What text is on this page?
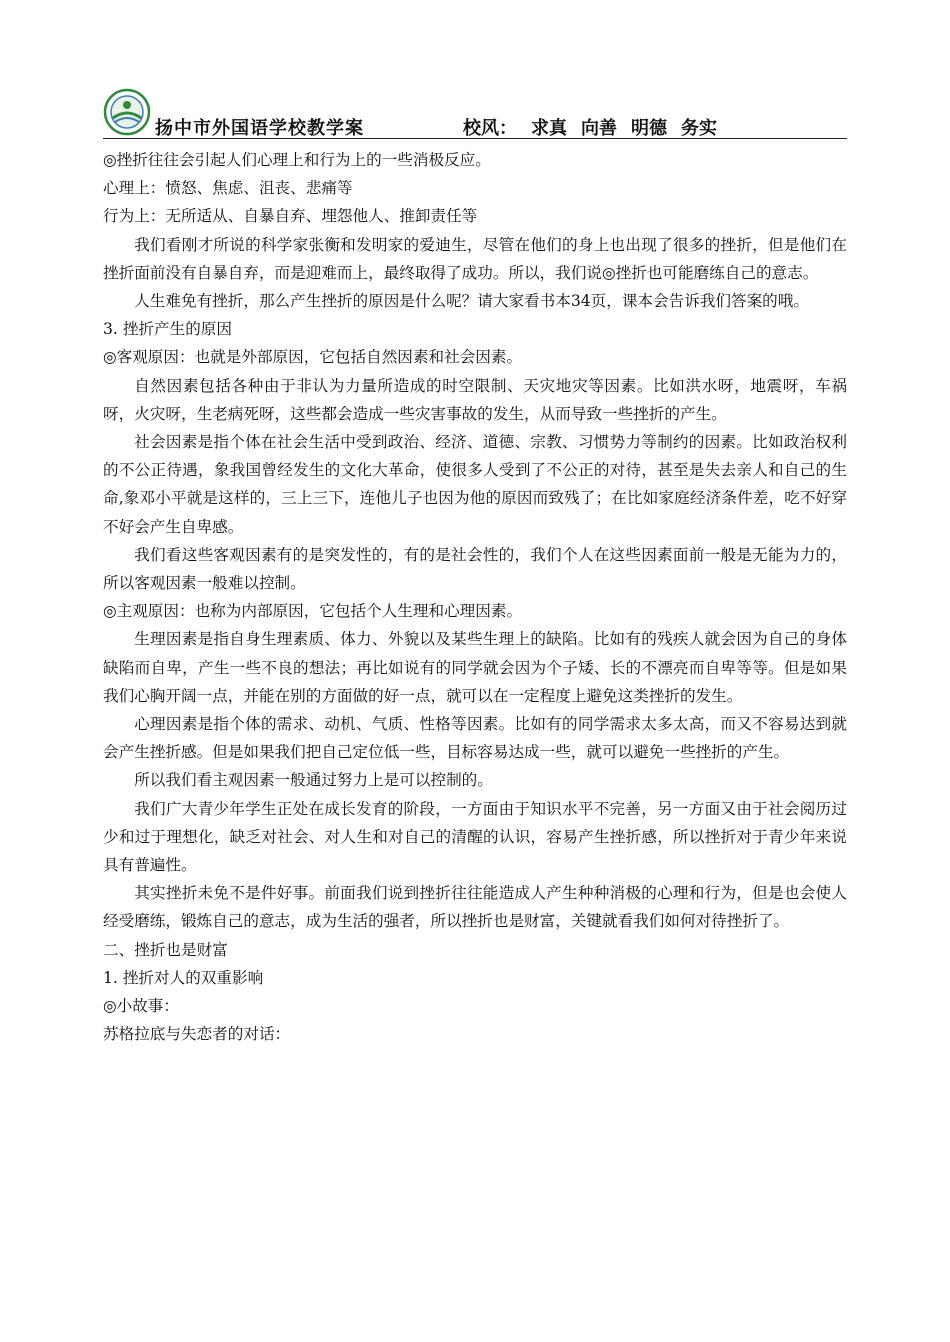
扬中市外国语学校教学案	校风： 求真 向善 明德 务实

◎挫折往往会引起人们心理上和行为上的一些消极反应。

心理上：愤怒、焦虑、沮丧、悲痛等

行为上：无所适从、自暴自弃、埋怨他人、推卸责任等

我们看刚才所说的科学家张衡和发明家的爱迪生，尽管在他们的身上也出现了很多的挫折，但是他们在挫折面前没有自暴自弃，而是迎难而上，最终取得了成功。所以，我们说◎挫折也可能磨练自己的意志。

人生难免有挫折，那么产生挫折的原因是什么呢？请大家看书本34页，课本会告诉我们答案的哦。

3. 挫折产生的原因

◎客观原因：也就是外部原因，它包括自然因素和社会因素。

自然因素包括各种由于非认为力量所造成的时空限制、天灾地灾等因素。比如洪水呀，地震呀，车祸呀，火灾呀，生老病死呀，这些都会造成一些灾害事故的发生，从而导致一些挫折的产生。

社会因素是指个体在社会生活中受到政治、经济、道德、宗教、习惯势力等制约的因素。比如政治权利的不公正待遇，象我国曾经发生的文化大革命，使很多人受到了不公正的对待，甚至是失去亲人和自己的生命,象邓小平就是这样的，三上三下，连他儿子也因为他的原因而致残了；在比如家庭经济条件差，吃不好穿不好会产生自卑感。

我们看这些客观因素有的是突发性的，有的是社会性的，我们个人在这些因素面前一般是无能为力的，所以客观因素一般难以控制。

◎主观原因：也称为内部原因，它包括个人生理和心理因素。

生理因素是指自身生理素质、体力、外貌以及某些生理上的缺陷。比如有的残疾人就会因为自己的身体缺陷而自卑，产生一些不良的想法；再比如说有的同学就会因为个子矮、长的不漂亮而自卑等等。但是如果我们心胸开阔一点，并能在别的方面做的好一点，就可以在一定程度上避免这类挫折的发生。

心理因素是指个体的需求、动机、气质、性格等因素。比如有的同学需求太多太高，而又不容易达到就会产生挫折感。但是如果我们把自己定位低一些，目标容易达成一些，就可以避免一些挫折的产生。

所以我们看主观因素一般通过努力上是可以控制的。

我们广大青少年学生正处在成长发育的阶段，一方面由于知识水平不完善，另一方面又由于社会阅历过少和过于理想化，缺乏对社会、对人生和对自己的清醒的认识，容易产生挫折感，所以挫折对于青少年来说具有普遍性。

其实挫折未免不是件好事。前面我们说到挫折往往能造成人产生种种消极的心理和行为，但是也会使人经受磨练，锻炼自己的意志，成为生活的强者，所以挫折也是财富，关键就看我们如何对待挫折了。

二、挫折也是财富

1. 挫折对人的双重影响

◎小故事：

苏格拉底与失恋者的对话：
